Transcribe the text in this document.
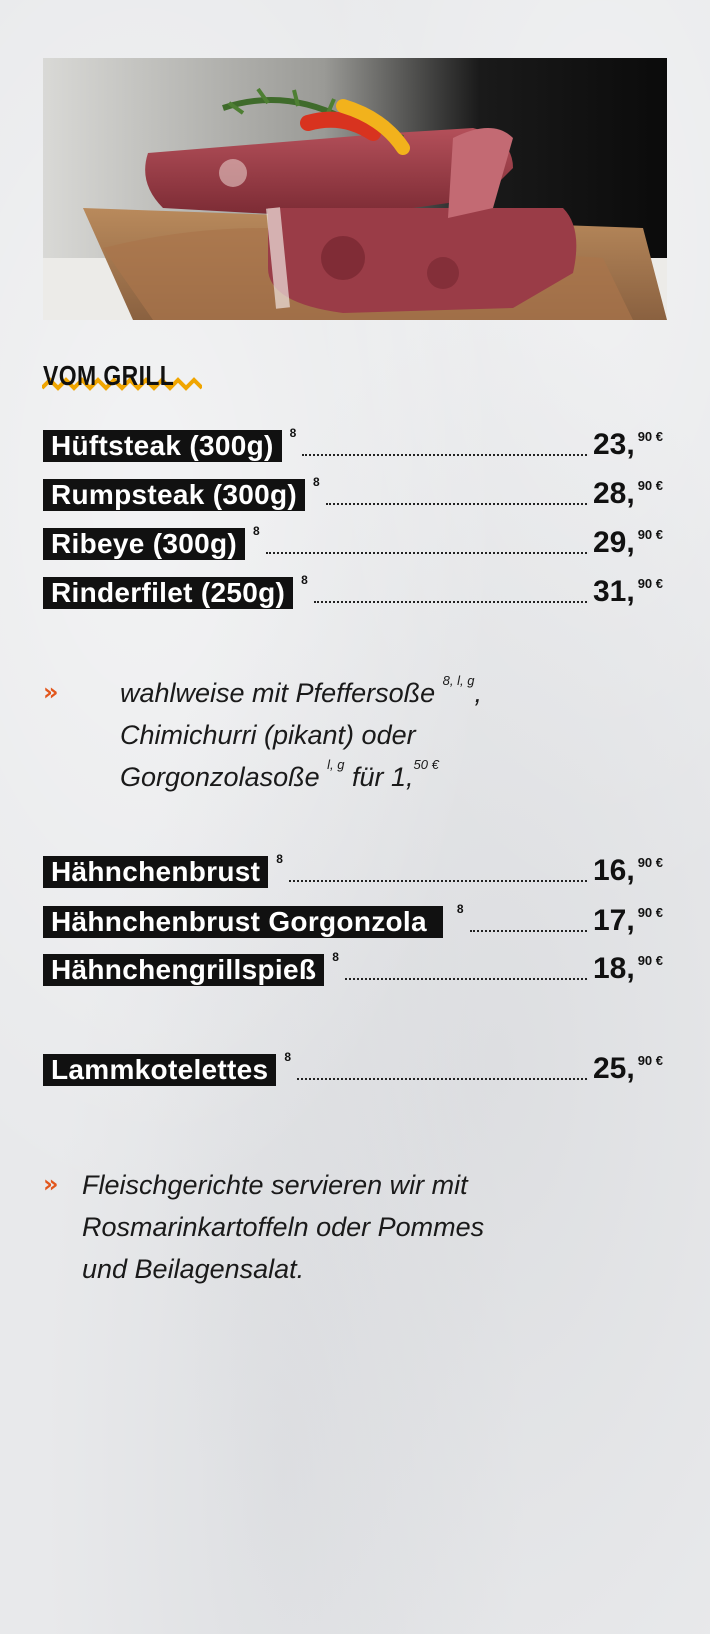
VOM GRILL
Hüftsteak (300g)	8	23, 90 €
Rumpsteak (300g)	8	28, 90 €
Ribeye (300g)	8	29, 90 €
Rinderfilet (250g)	8	31, 90 €
» wahlweise mit Pfeffersoße $^{8, l, g}$,
Chimichurri (pikant) oder
Gorgonzolasoße $^{l, g}$ für 1,$^{50 €}$
Hähnchenbrust	8	16, 90 €
Hähnchenbrust Gorgonzola	8	17, 90 €
Hähnchengrillspieß	8	18, 90 €
Lammkotelettes	8	25, 90 €
» Fleischgerichte servieren wir mit
Rosmarinkartoffeln oder Pommes
und Beilagensalat.
